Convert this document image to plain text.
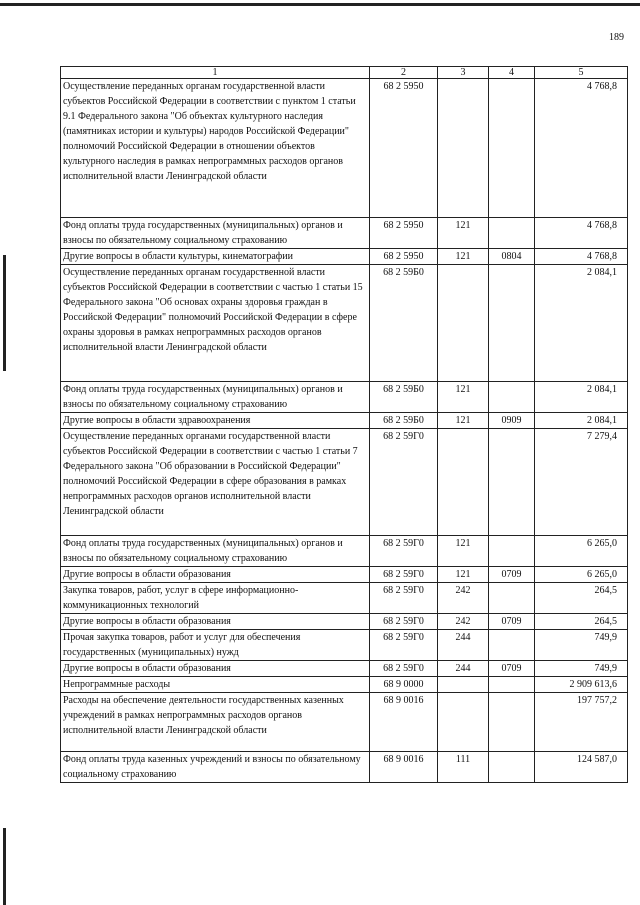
189
1	2	3	4	5
Осуществление переданных органам государственной власти субъектов Российской Федерации в соответствии с пунктом 1 статьи 9.1 Федерального закона "Об объектах культурного наследия (памятниках истории и культуры) народов Российской Федерации" полномочий Российской Федерации в отношении объектов культурного наследия в рамках непрограммных расходов органов исполнительной власти Ленинградской области	68 2 5950			4 768,8
Фонд оплаты труда государственных (муниципальных) органов и взносы по обязательному социальному страхованию	68 2 5950	121		4 768,8
Другие вопросы в области культуры, кинематографии	68 2 5950	121	0804	4 768,8
Осуществление переданных органам государственной власти субъектов Российской Федерации в соответствии с частью 1 статьи 15 Федерального закона "Об основах охраны здоровья граждан в Российской Федерации" полномочий Российской Федерации в сфере охраны здоровья в рамках непрограммных расходов органов исполнительной власти Ленинградской области	68 2 59Б0			2 084,1
Фонд оплаты труда государственных (муниципальных) органов и взносы по обязательному социальному страхованию	68 2 59Б0	121		2 084,1
Другие вопросы в области здравоохранения	68 2 59Б0	121	0909	2 084,1
Осуществление переданных органами государственной власти субъектов Российской Федерации в соответствии с частью 1 статьи 7 Федерального закона "Об образовании в Российской Федерации" полномочий Российской Федерации в сфере образования в рамках непрограммных расходов органов исполнительной власти Ленинградской области	68 2 59Г0			7 279,4
Фонд оплаты труда государственных (муниципальных) органов и взносы по обязательному социальному страхованию	68 2 59Г0	121		6 265,0
Другие вопросы в области образования	68 2 59Г0	121	0709	6 265,0
Закупка товаров, работ, услуг в сфере информационно-коммуникационных технологий	68 2 59Г0	242		264,5
Другие вопросы в области образования	68 2 59Г0	242	0709	264,5
Прочая закупка товаров, работ и услуг для обеспечения государственных (муниципальных) нужд	68 2 59Г0	244		749,9
Другие вопросы в области образования	68 2 59Г0	244	0709	749,9
Непрограммные расходы	68 9 0000			2 909 613,6
Расходы на обеспечение деятельности государственных казенных учреждений в рамках непрограммных расходов органов исполнительной власти Ленинградской области	68 9 0016			197 757,2
Фонд оплаты труда казенных учреждений и взносы по обязательному социальному страхованию	68 9 0016	111		124 587,0
